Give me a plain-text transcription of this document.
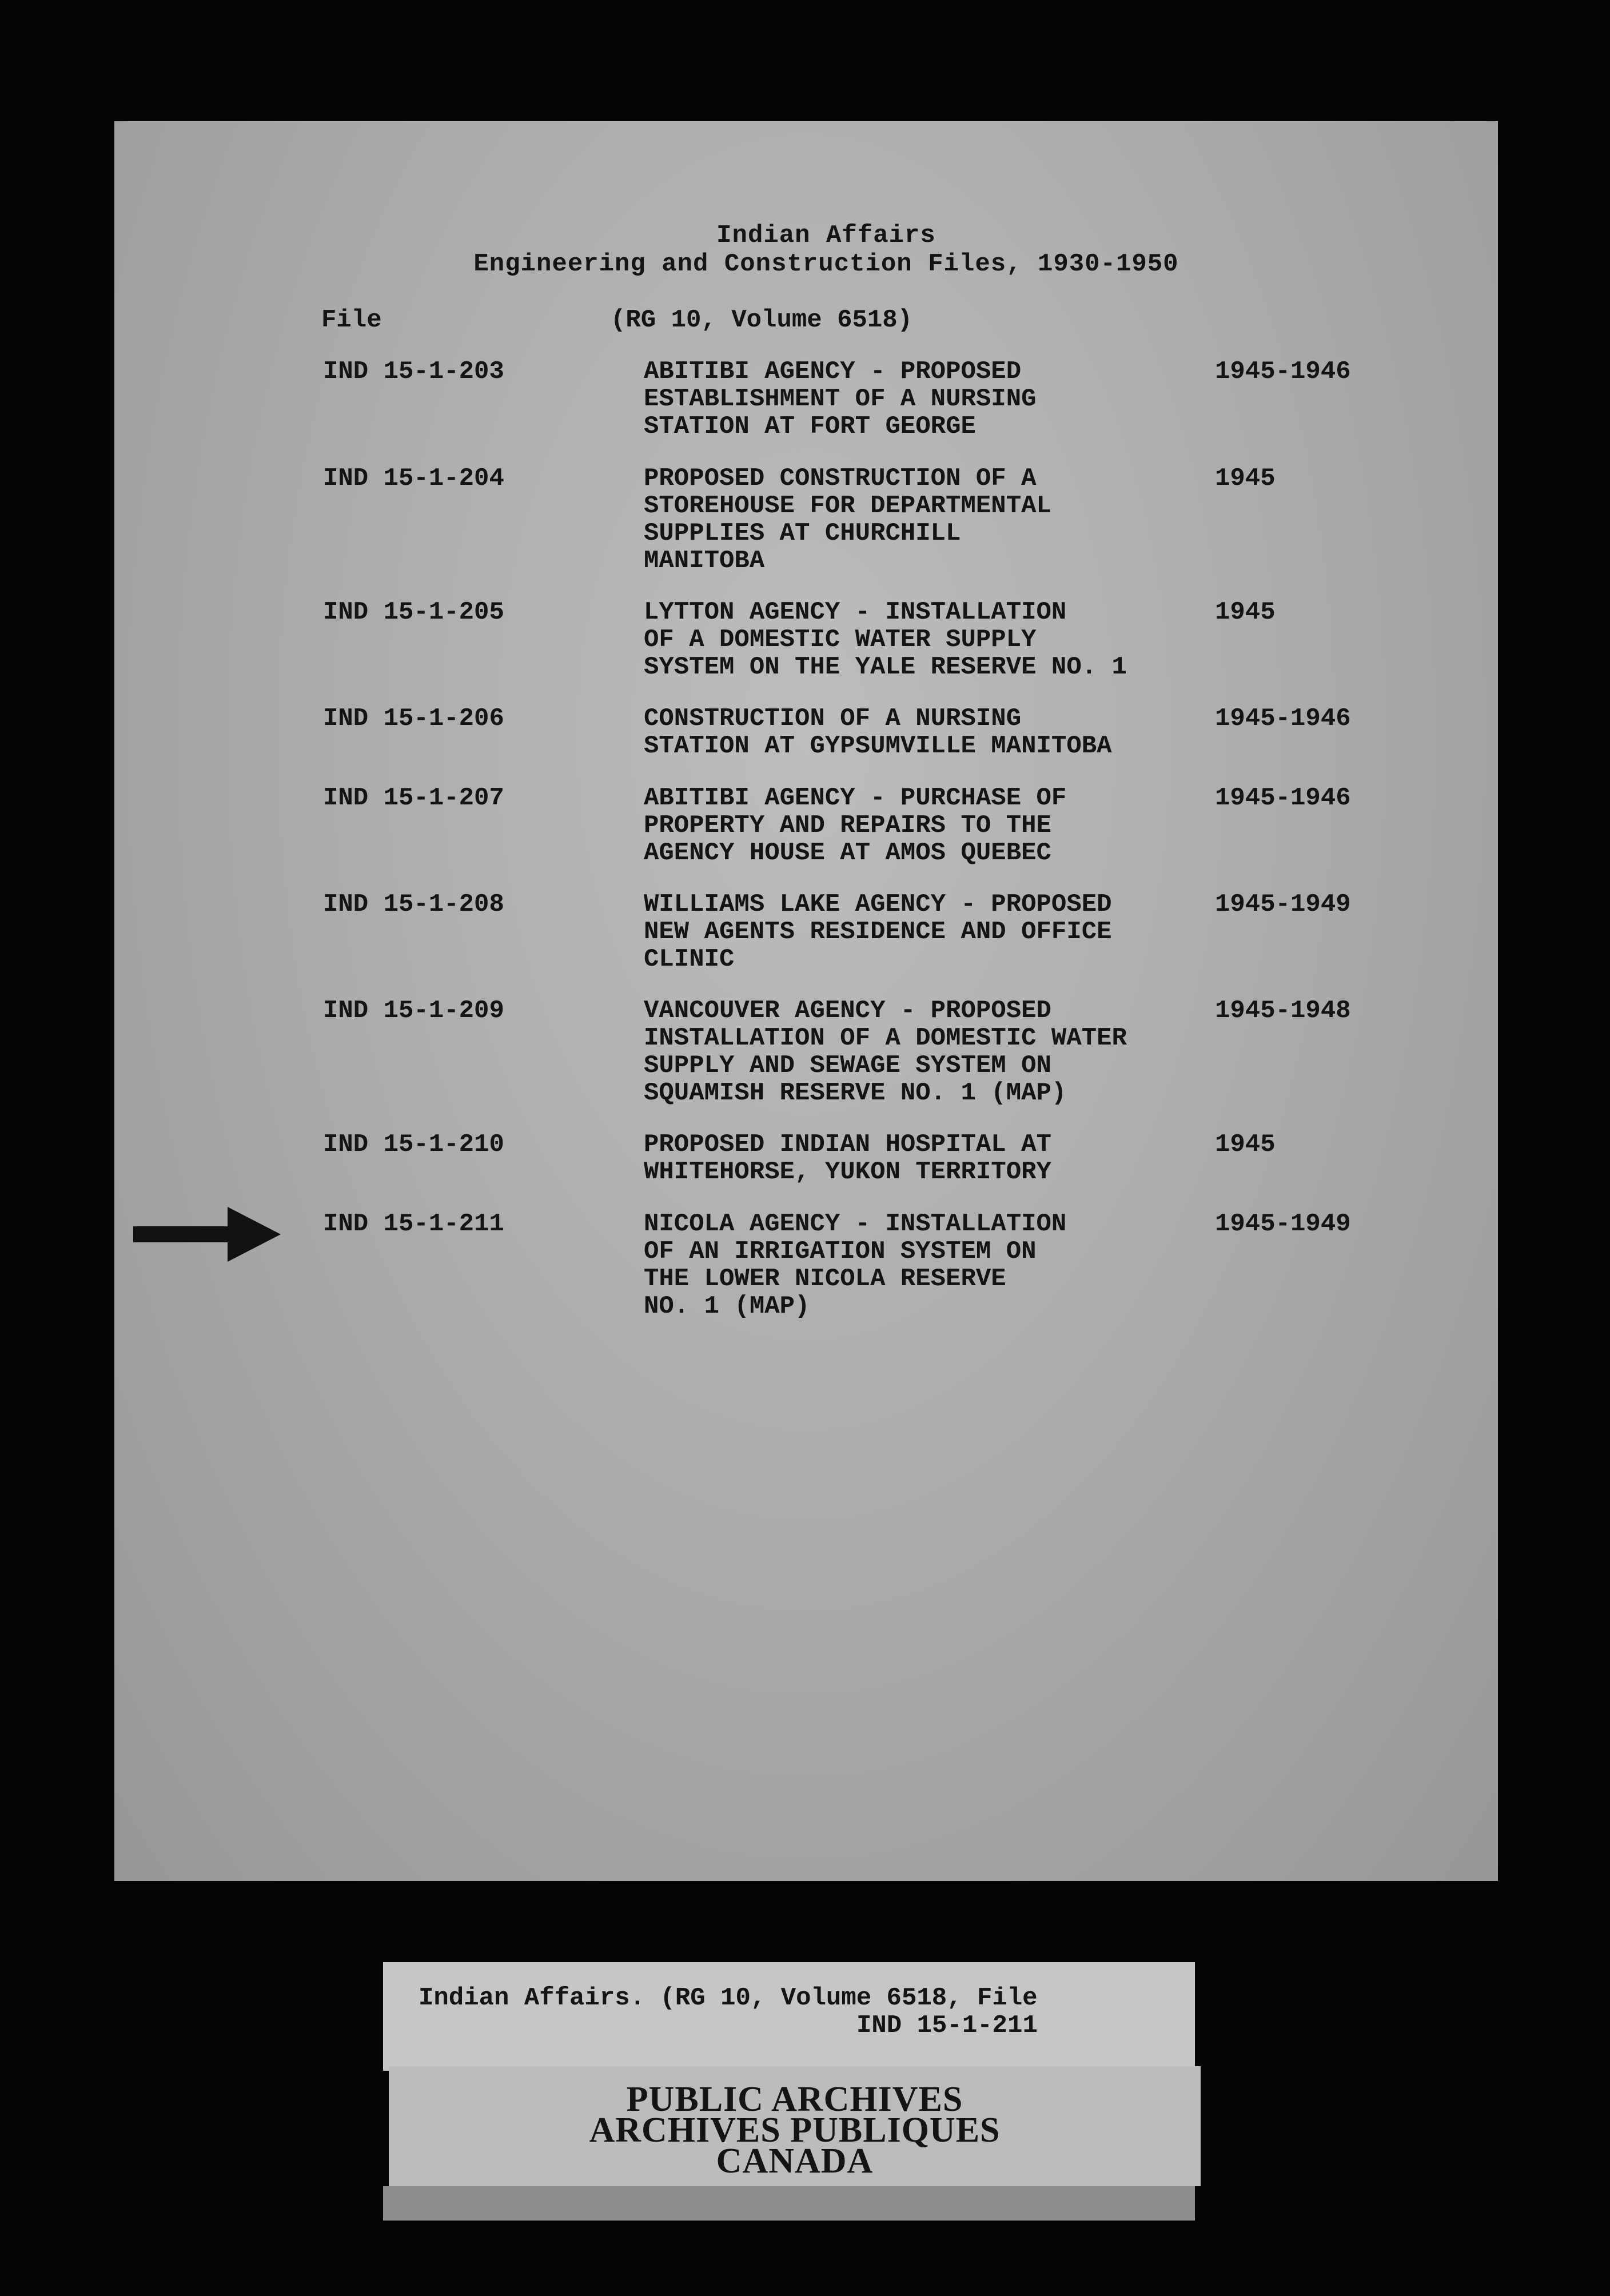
Indian Affairs
Engineering and Construction Files, 1930-1950
File	(RG 10, Volume 6518)
IND 15-1-203	ABITIBI AGENCY - PROPOSED
ESTABLISHMENT OF A NURSING
STATION AT FORT GEORGE
1945-1946
IND 15-1-204	PROPOSED CONSTRUCTION OF A
STOREHOUSE FOR DEPARTMENTAL
SUPPLIES AT CHURCHILL
MANITOBA
1945
IND 15-1-205	LYTTON AGENCY - INSTALLATION
OF A DOMESTIC WATER SUPPLY
SYSTEM ON THE YALE RESERVE NO. 1
1945
IND 15-1-206	CONSTRUCTION OF A NURSING
STATION AT GYPSUMVILLE MANITOBA
1945-1946
IND 15-1-207	ABITIBI AGENCY - PURCHASE OF
PROPERTY AND REPAIRS TO THE
AGENCY HOUSE AT AMOS QUEBEC
1945-1946
IND 15-1-208	WILLIAMS LAKE AGENCY - PROPOSED
NEW AGENTS RESIDENCE AND OFFICE
CLINIC
1945-1949
IND 15-1-209	VANCOUVER AGENCY - PROPOSED
INSTALLATION OF A DOMESTIC WATER
SUPPLY AND SEWAGE SYSTEM ON
SQUAMISH RESERVE NO. 1 (MAP)
1945-1948
IND 15-1-210	PROPOSED INDIAN HOSPITAL AT
WHITEHORSE, YUKON TERRITORY
1945
IND 15-1-211	NICOLA AGENCY - INSTALLATION
OF AN IRRIGATION SYSTEM ON
THE LOWER NICOLA RESERVE
NO. 1 (MAP)
1945-1949
Indian Affairs. (RG 10, Volume 6518, File
IND 15-1-211
PUBLIC ARCHIVES
ARCHIVES PUBLIQUES
CANADA
